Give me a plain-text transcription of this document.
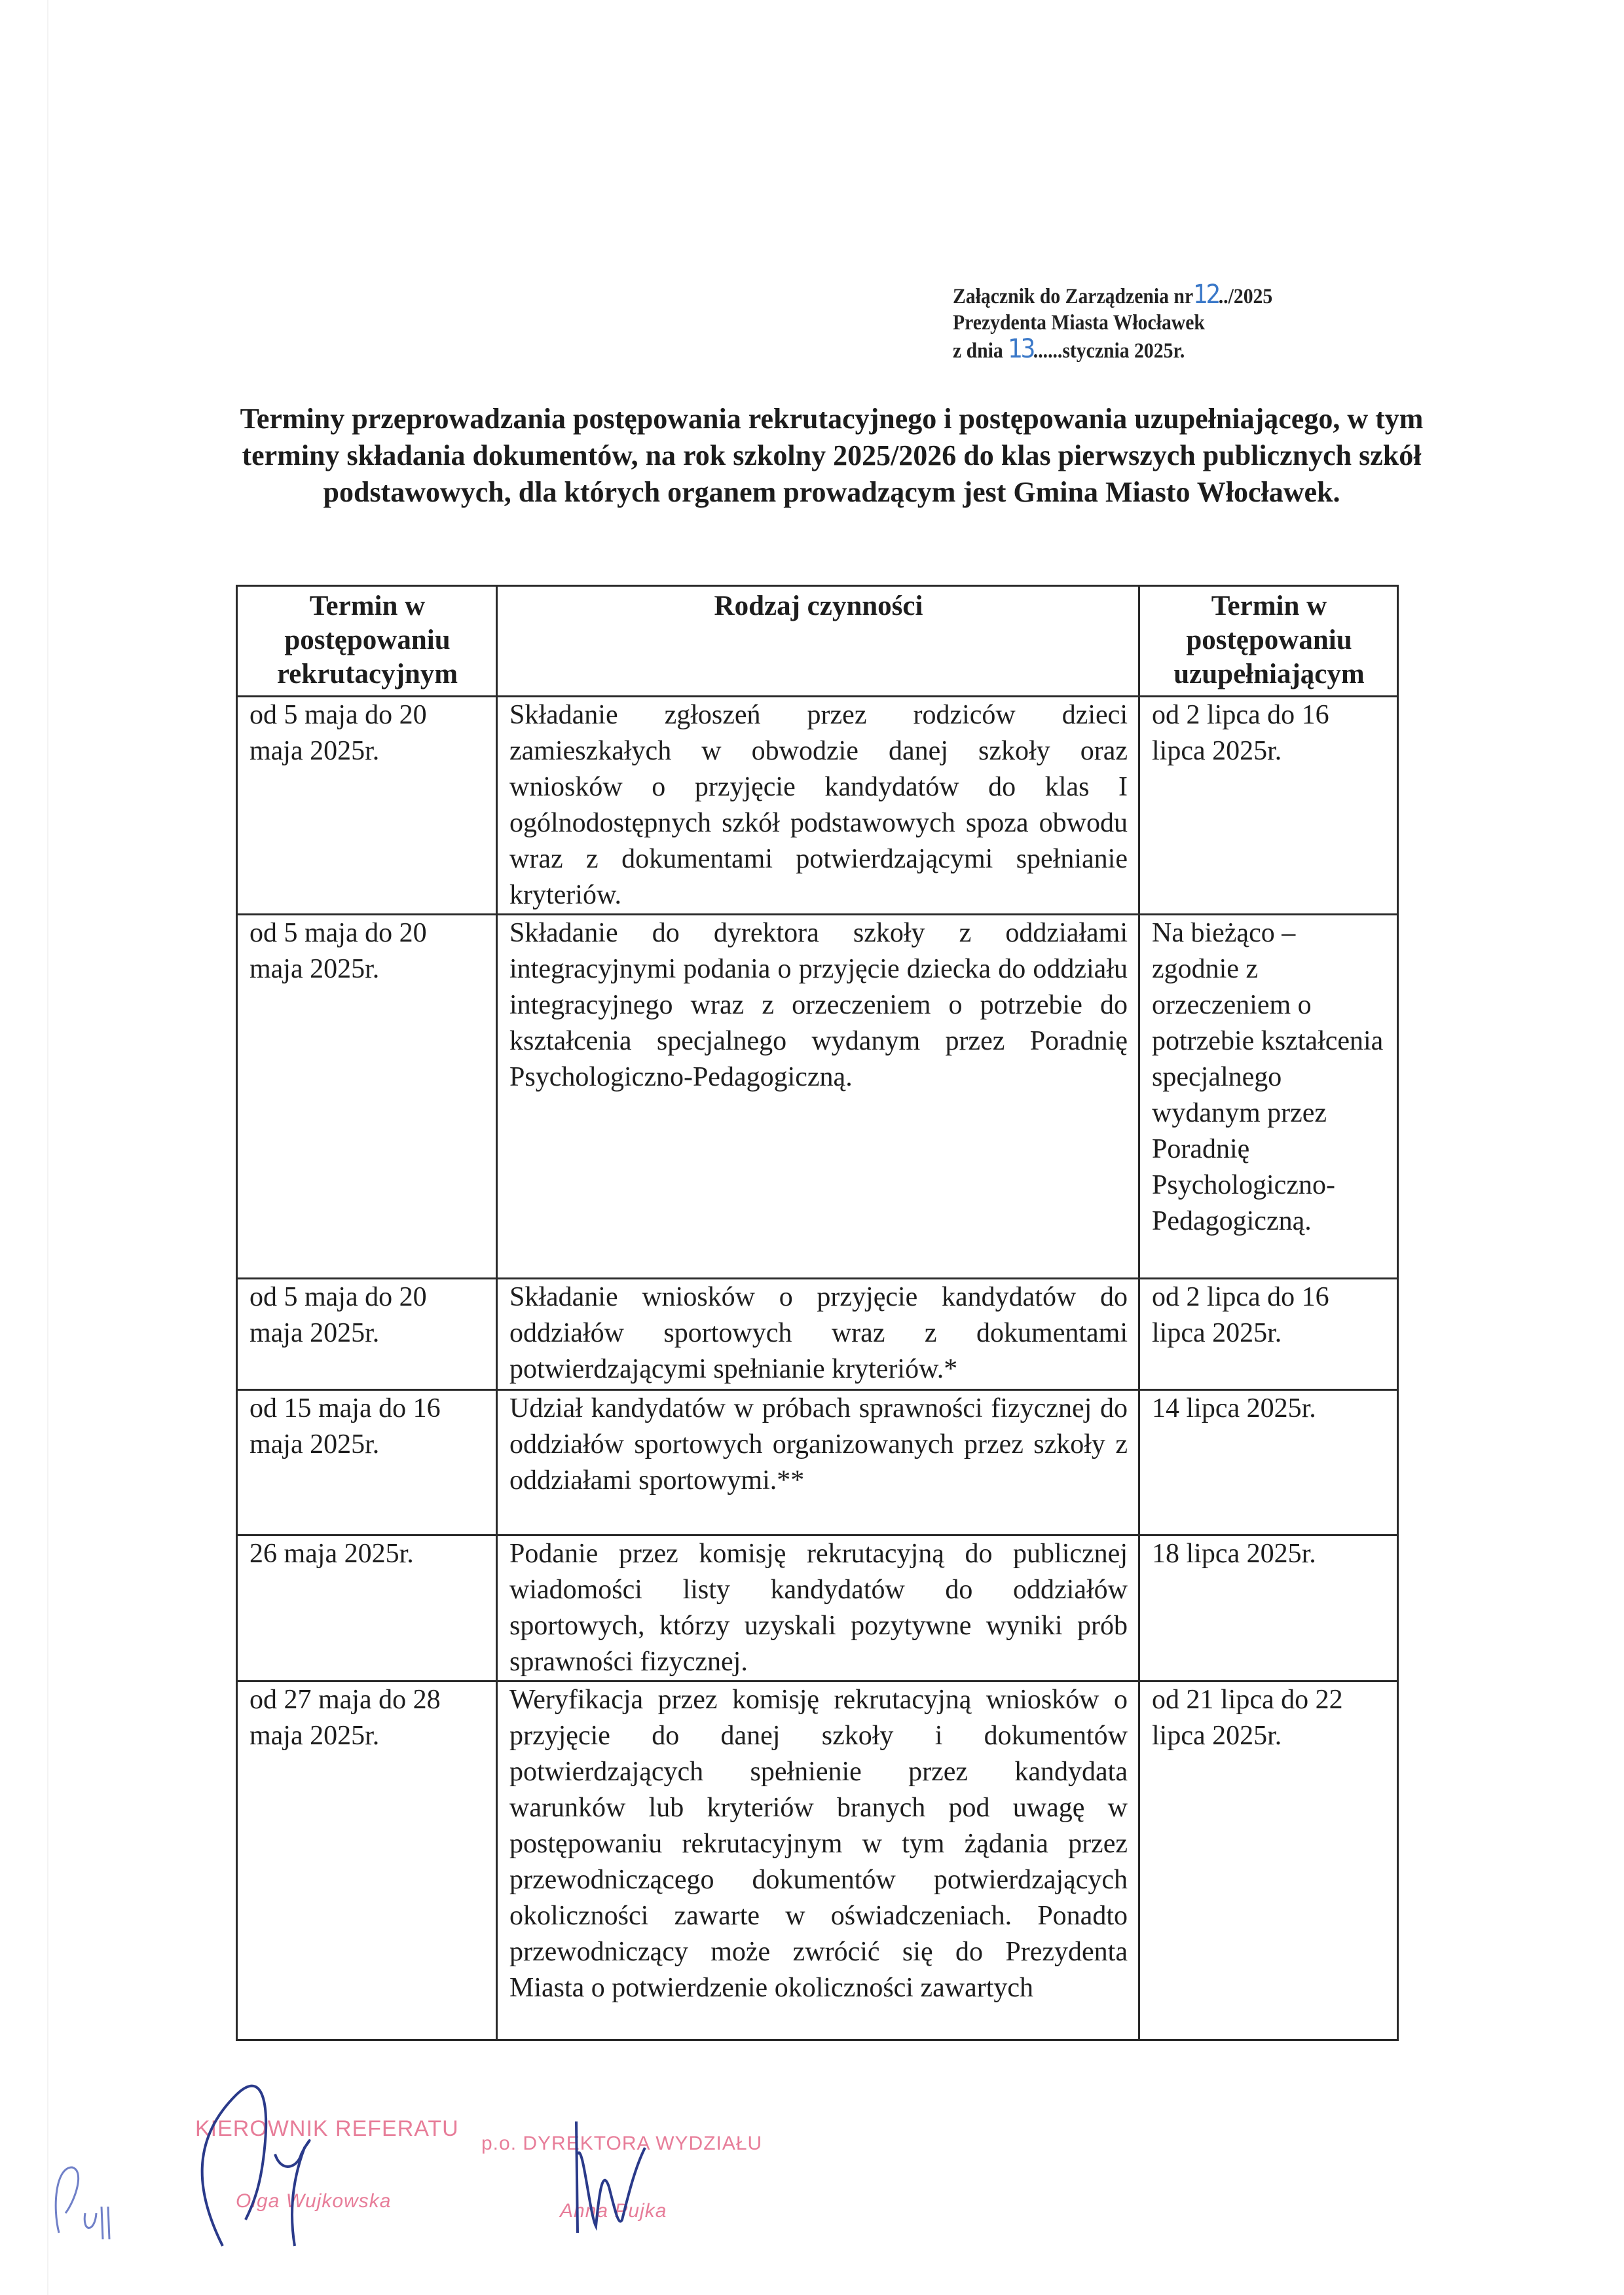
Załącznik do Zarządzenia nr12../2025
Prezydenta Miasta Włocławek
z dnia 13......stycznia 2025r.
Terminy przeprowadzania postępowania rekrutacyjnego i postępowania uzupełniającego, w tym terminy składania dokumentów, na rok szkolny 2025/2026 do klas pierwszych publicznych szkół podstawowych, dla których organem prowadzącym jest Gmina Miasto Włocławek.
Termin w postępowaniu rekrutacyjnym	Rodzaj czynności	Termin w postępowaniu uzupełniającym
od 5 maja do 20 maja 2025r.	Składanie zgłoszeń przez rodziców dzieci zamieszkałych w obwodzie danej szkoły oraz wniosków o przyjęcie kandydatów do klas I ogólnodostępnych szkół podstawowych spoza obwodu wraz z dokumentami potwierdzającymi spełnianie kryteriów.	od 2 lipca do 16 lipca 2025r.
od 5 maja do 20 maja 2025r.	Składanie do dyrektora szkoły z oddziałami integracyjnymi podania o przyjęcie dziecka do oddziału integracyjnego wraz z orzeczeniem o potrzebie do kształcenia specjalnego wydanym przez Poradnię Psychologiczno-Pedagogiczną.	Na bieżąco – zgodnie z orzeczeniem o potrzebie kształcenia specjalnego wydanym przez Poradnię Psychologiczno-Pedagogiczną.
od 5 maja do 20 maja 2025r.	Składanie wniosków o przyjęcie kandydatów do oddziałów sportowych wraz z dokumentami potwierdzającymi spełnianie kryteriów.*	od 2 lipca do 16 lipca 2025r.
od 15 maja do 16 maja 2025r.	Udział kandydatów w próbach sprawności fizycznej do oddziałów sportowych organizowanych przez szkoły z oddziałami sportowymi.**	14 lipca 2025r.
26 maja 2025r.	Podanie przez komisję rekrutacyjną do publicznej wiadomości listy kandydatów do oddziałów sportowych, którzy uzyskali pozytywne wyniki prób sprawności fizycznej.	18 lipca 2025r.
od 27 maja do 28 maja 2025r.	Weryfikacja przez komisję rekrutacyjną wniosków o przyjęcie do danej szkoły i dokumentów potwierdzających spełnienie przez kandydata warunków lub kryteriów branych pod uwagę w postępowaniu rekrutacyjnym w tym żądania przez przewodniczącego dokumentów potwierdzających okoliczności zawarte w oświadczeniach. Ponadto przewodniczący może zwrócić się do Prezydenta Miasta o potwierdzenie okoliczności zawartych	od 21 lipca do 22 lipca 2025r.
KIEROWNIK REFERATU
Olga Wujkowska
p.o. DYREKTORA WYDZIAŁU
Anna Pujka
